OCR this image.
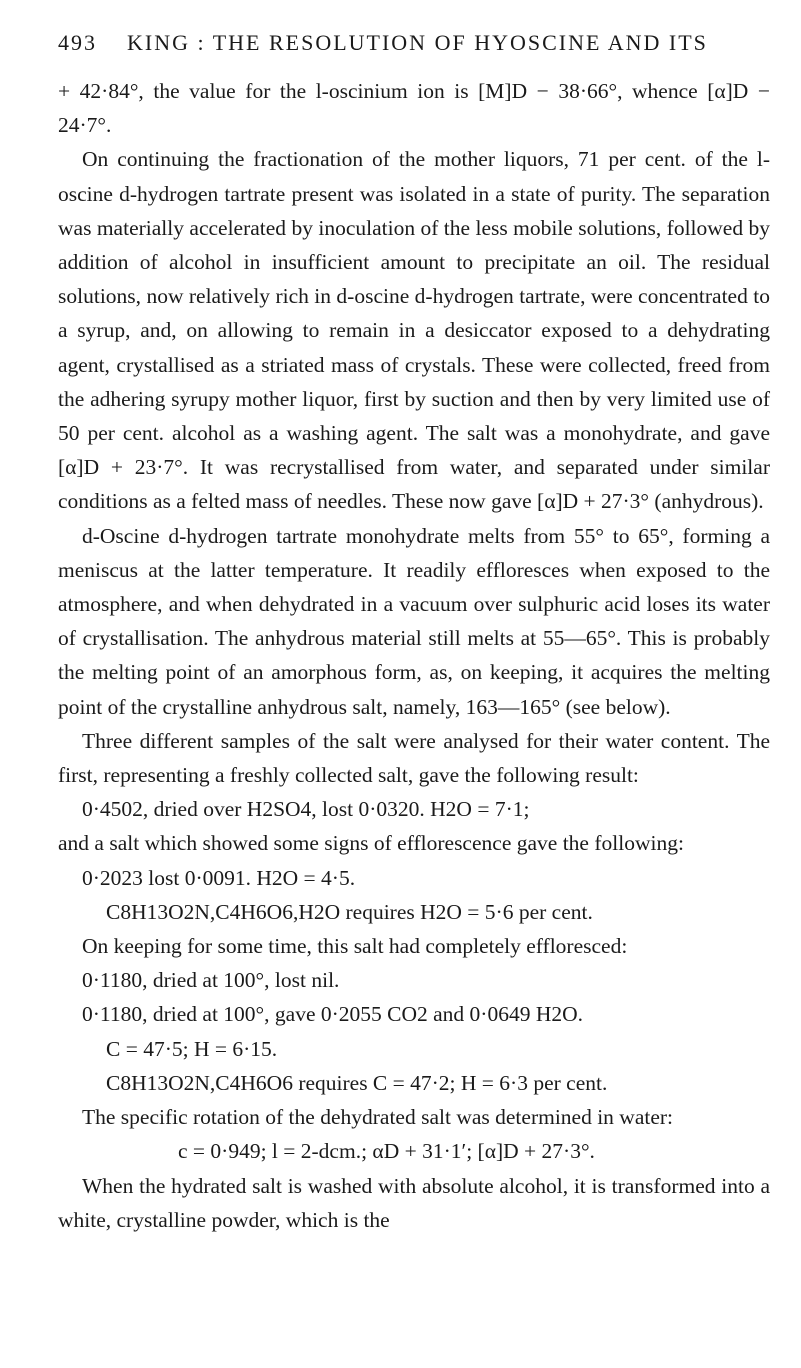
493 KING : THE RESOLUTION OF HYOSCINE AND ITS

+ 42·84°, the value for the l-oscinium ion is [M]D − 38·66°, whence [α]D − 24·7°.

On continuing the fractionation of the mother liquors, 71 per cent. of the l-oscine d-hydrogen tartrate present was isolated in a state of purity. The separation was materially accelerated by inoculation of the less mobile solutions, followed by addition of alcohol in insufficient amount to precipitate an oil. The residual solutions, now relatively rich in d-oscine d-hydrogen tartrate, were concentrated to a syrup, and, on allowing to remain in a desiccator exposed to a dehydrating agent, crystallised as a striated mass of crystals. These were collected, freed from the adhering syrupy mother liquor, first by suction and then by very limited use of 50 per cent. alcohol as a washing agent. The salt was a monohydrate, and gave [α]D + 23·7°. It was recrystallised from water, and separated under similar conditions as a felted mass of needles. These now gave [α]D + 27·3° (anhydrous).

d-Oscine d-hydrogen tartrate monohydrate melts from 55° to 65°, forming a meniscus at the latter temperature. It readily effloresces when exposed to the atmosphere, and when dehydrated in a vacuum over sulphuric acid loses its water of crystallisation. The anhydrous material still melts at 55—65°. This is probably the melting point of an amorphous form, as, on keeping, it acquires the melting point of the crystalline anhydrous salt, namely, 163—165° (see below).

Three different samples of the salt were analysed for their water content. The first, representing a freshly collected salt, gave the following result:

0·4502, dried over H2SO4, lost 0·0320. H2O = 7·1;

and a salt which showed some signs of efflorescence gave the following:

0·2023 lost 0·0091. H2O = 4·5.

C8H13O2N,C4H6O6,H2O requires H2O = 5·6 per cent.

On keeping for some time, this salt had completely effloresced:

0·1180, dried at 100°, lost nil.

0·1180, dried at 100°, gave 0·2055 CO2 and 0·0649 H2O.

C = 47·5; H = 6·15.

C8H13O2N,C4H6O6 requires C = 47·2; H = 6·3 per cent.

The specific rotation of the dehydrated salt was determined in water:

c = 0·949; l = 2-dcm.; αD + 31·1′; [α]D + 27·3°.

When the hydrated salt is washed with absolute alcohol, it is transformed into a white, crystalline powder, which is the
